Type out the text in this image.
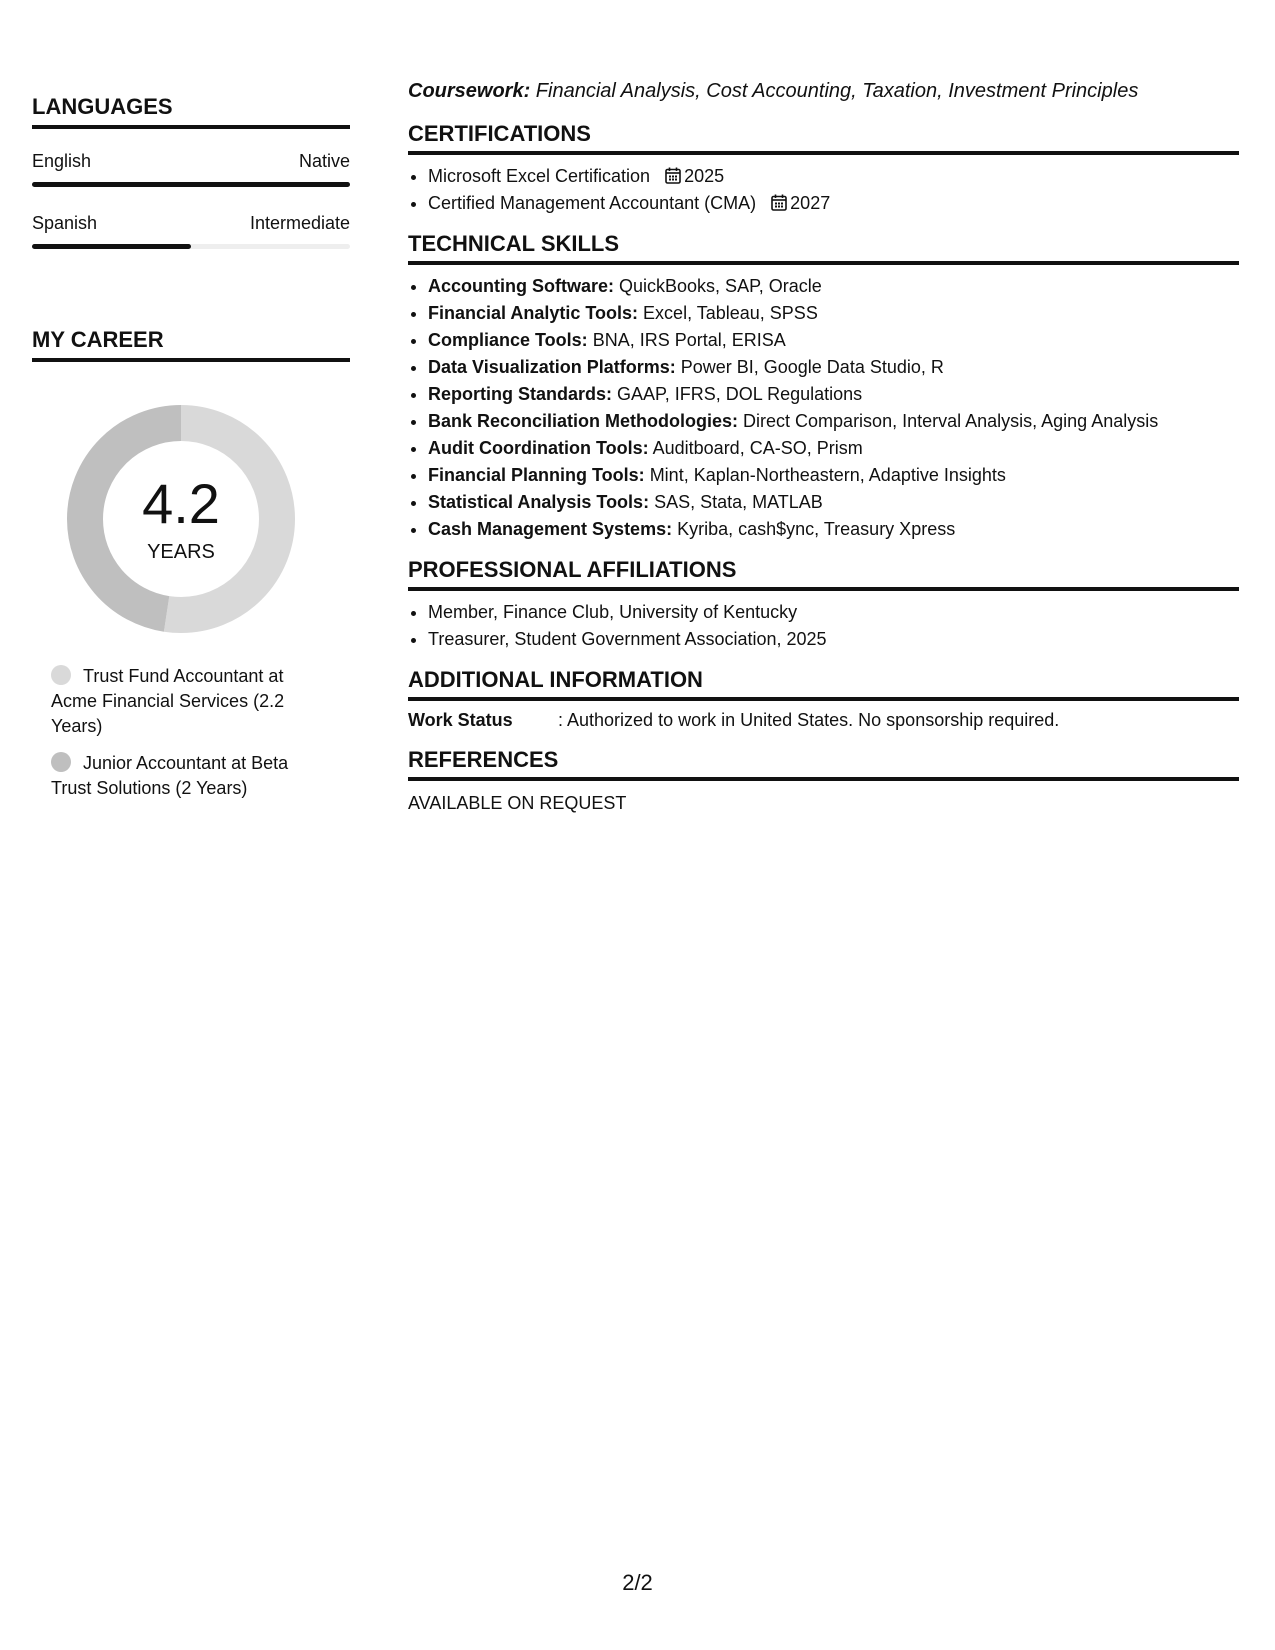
LANGUAGES
English	Native
Spanish	Intermediate
MY CAREER
4.2
YEARS
Trust Fund Accountant at Acme Financial Services (2.2 Years)
Junior Accountant at Beta Trust Solutions (2 Years)
Coursework: Financial Analysis, Cost Accounting, Taxation, Investment Principles
CERTIFICATIONS
• Microsoft Excel Certification 2025
• Certified Management Accountant (CMA) 2027
TECHNICAL SKILLS
• Accounting Software: QuickBooks, SAP, Oracle
• Financial Analytic Tools: Excel, Tableau, SPSS
• Compliance Tools: BNA, IRS Portal, ERISA
• Data Visualization Platforms: Power BI, Google Data Studio, R
• Reporting Standards: GAAP, IFRS, DOL Regulations
• Bank Reconciliation Methodologies: Direct Comparison, Interval Analysis, Aging Analysis
• Audit Coordination Tools: Auditboard, CA-SO, Prism
• Financial Planning Tools: Mint, Kaplan-Northeastern, Adaptive Insights
• Statistical Analysis Tools: SAS, Stata, MATLAB
• Cash Management Systems: Kyriba, cash$ync, Treasury Xpress
PROFESSIONAL AFFILIATIONS
• Member, Finance Club, University of Kentucky
• Treasurer, Student Government Association, 2025
ADDITIONAL INFORMATION
Work Status	: Authorized to work in United States. No sponsorship required.
REFERENCES
AVAILABLE ON REQUEST
2/2
